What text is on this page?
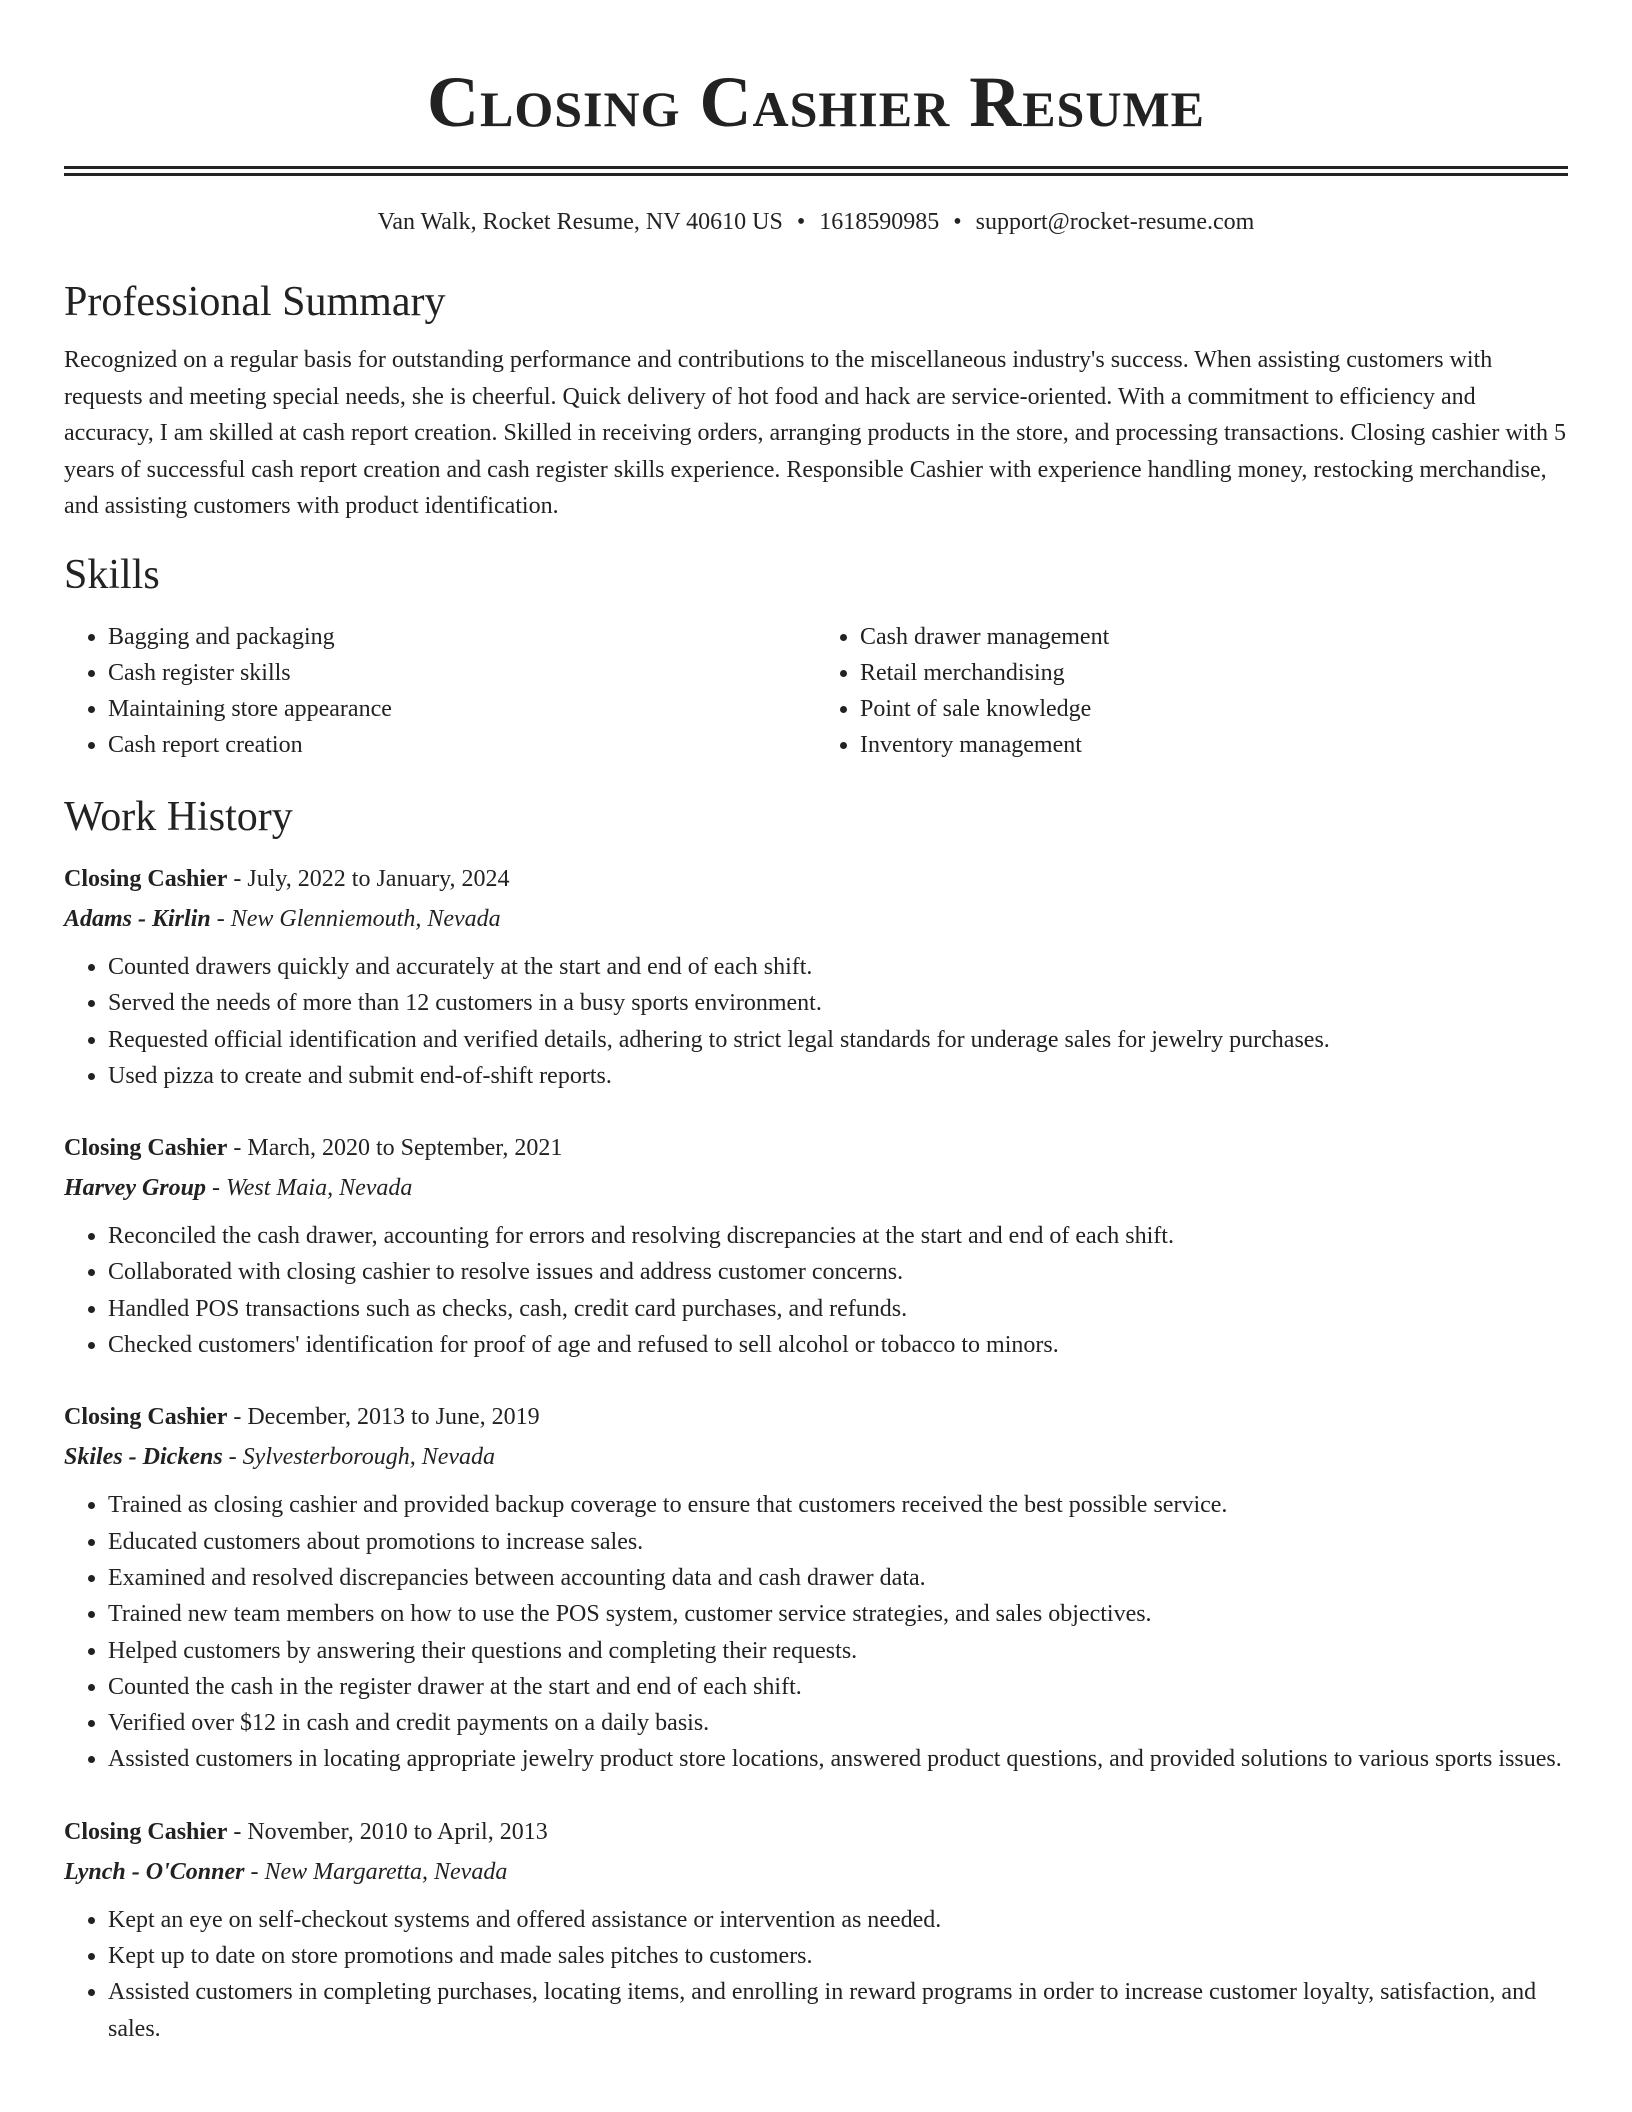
Closing Cashier Resume
Van Walk, Rocket Resume, NV 40610 US • 1618590985 • support@rocket-resume.com
Professional Summary

Recognized on a regular basis for outstanding performance and contributions to the miscellaneous industry's success. When assisting customers with requests and meeting special needs, she is cheerful. Quick delivery of hot food and hack are service-oriented. With a commitment to efficiency and accuracy, I am skilled at cash report creation. Skilled in receiving orders, arranging products in the store, and processing transactions. Closing cashier with 5 years of successful cash report creation and cash register skills experience. Responsible Cashier with experience handling money, restocking merchandise, and assisting customers with product identification.

Skills
• Bagging and packaging
• Cash register skills
• Maintaining store appearance
• Cash report creation
• Cash drawer management
• Retail merchandising
• Point of sale knowledge
• Inventory management
Work History
Closing Cashier - July, 2022 to January, 2024
Adams - Kirlin - New Glenniemouth, Nevada
• Counted drawers quickly and accurately at the start and end of each shift.
• Served the needs of more than 12 customers in a busy sports environment.
• Requested official identification and verified details, adhering to strict legal standards for underage sales for jewelry purchases.
• Used pizza to create and submit end-of-shift reports.
Closing Cashier - March, 2020 to September, 2021
Harvey Group - West Maia, Nevada
• Reconciled the cash drawer, accounting for errors and resolving discrepancies at the start and end of each shift.
• Collaborated with closing cashier to resolve issues and address customer concerns.
• Handled POS transactions such as checks, cash, credit card purchases, and refunds.
• Checked customers' identification for proof of age and refused to sell alcohol or tobacco to minors.
Closing Cashier - December, 2013 to June, 2019
Skiles - Dickens - Sylvesterborough, Nevada
• Trained as closing cashier and provided backup coverage to ensure that customers received the best possible service.
• Educated customers about promotions to increase sales.
• Examined and resolved discrepancies between accounting data and cash drawer data.
• Trained new team members on how to use the POS system, customer service strategies, and sales objectives.
• Helped customers by answering their questions and completing their requests.
• Counted the cash in the register drawer at the start and end of each shift.
• Verified over $12 in cash and credit payments on a daily basis.
• Assisted customers in locating appropriate jewelry product store locations, answered product questions, and provided solutions to various sports issues.
Closing Cashier - November, 2010 to April, 2013
Lynch - O'Conner - New Margaretta, Nevada
• Kept an eye on self-checkout systems and offered assistance or intervention as needed.
• Kept up to date on store promotions and made sales pitches to customers.
• Assisted customers in completing purchases, locating items, and enrolling in reward programs in order to increase customer loyalty, satisfaction, and sales.
